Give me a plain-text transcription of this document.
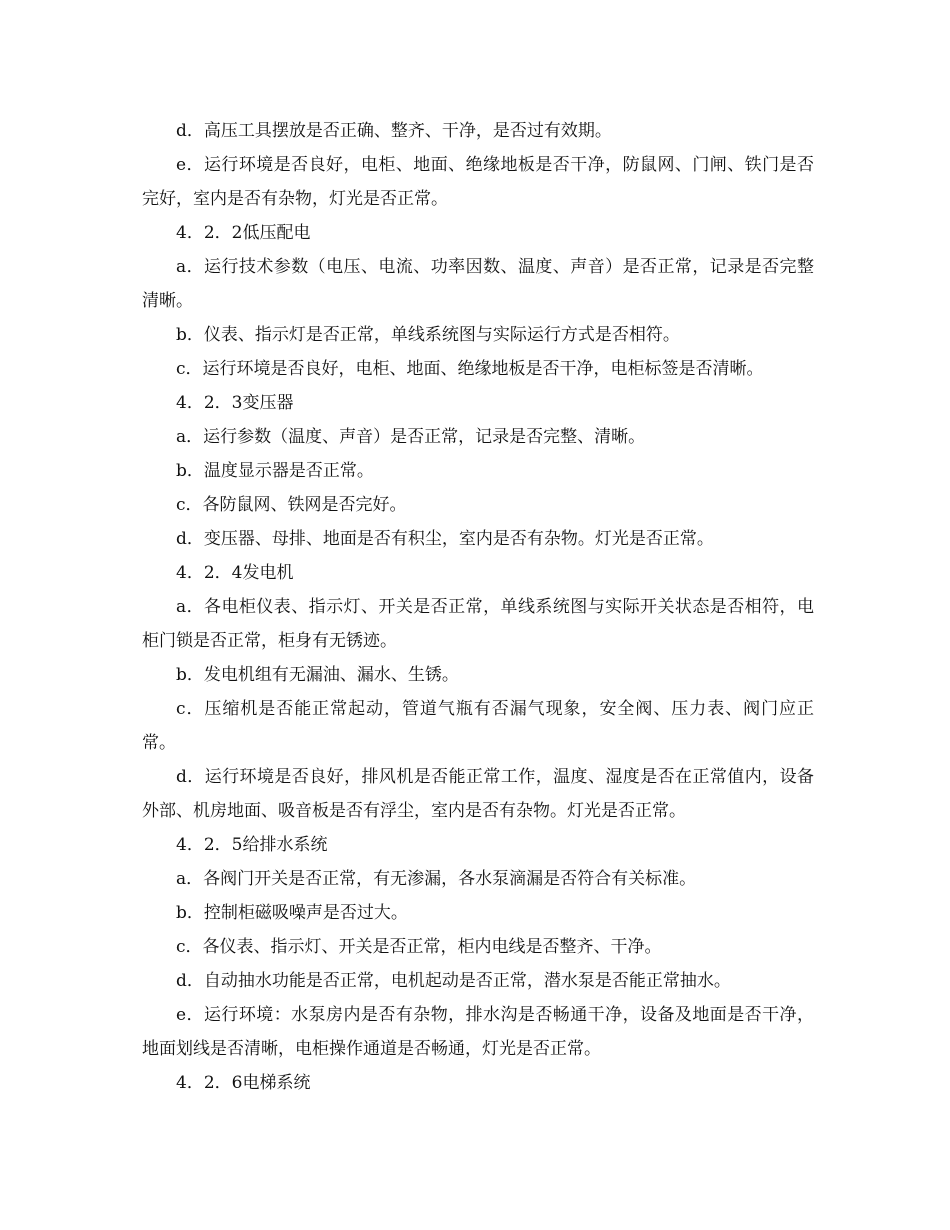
d．高压工具摆放是否正确、整齐、干净，是否过有效期。

e．运行环境是否良好，电柜、地面、绝缘地板是否干净，防鼠网、门闸、铁门是否完好，室内是否有杂物，灯光是否正常。

4．2．2低压配电

a．运行技术参数（电压、电流、功率因数、温度、声音）是否正常，记录是否完整清晰。

b．仪表、指示灯是否正常，单线系统图与实际运行方式是否相符。

c．运行环境是否良好，电柜、地面、绝缘地板是否干净，电柜标签是否清晰。

4．2．3变压器

a．运行参数（温度、声音）是否正常，记录是否完整、清晰。

b．温度显示器是否正常。

c．各防鼠网、铁网是否完好。

d．变压器、母排、地面是否有积尘，室内是否有杂物。灯光是否正常。

4．2．4发电机

a．各电柜仪表、指示灯、开关是否正常，单线系统图与实际开关状态是否相符，电柜门锁是否正常，柜身有无锈迹。

b．发电机组有无漏油、漏水、生锈。

c．压缩机是否能正常起动，管道气瓶有否漏气现象，安全阀、压力表、阀门应正常。

d．运行环境是否良好，排风机是否能正常工作，温度、湿度是否在正常值内，设备外部、机房地面、吸音板是否有浮尘，室内是否有杂物。灯光是否正常。

4．2．5给排水系统

a．各阀门开关是否正常，有无渗漏，各水泵滴漏是否符合有关标准。

b．控制柜磁吸噪声是否过大。

c．各仪表、指示灯、开关是否正常，柜内电线是否整齐、干净。

d．自动抽水功能是否正常，电机起动是否正常，潜水泵是否能正常抽水。

e．运行环境：水泵房内是否有杂物，排水沟是否畅通干净，设备及地面是否干净，地面划线是否清晰，电柜操作通道是否畅通，灯光是否正常。

4．2．6电梯系统
